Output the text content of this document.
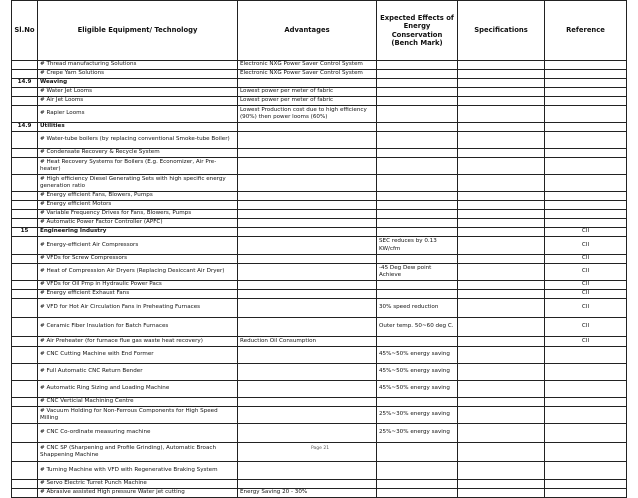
Sl.No	Eligible Equipment/ Technology	Advantages	Expected Effects of Energy Conservation (Bench Mark)	Specifications	Reference
	# Thread manufacturing Solutions	Electronic NXG Power Saver Control System			
	# Crepe Yarn Solutions	Electronic NXG Power Saver Control System			
14.9	Weaving				
	# Water Jet Looms	Lowest power per meter of fabric			
	# Air Jet Looms	Lowest power per meter of fabric			
	# Rapier Looms	Lowest Production cost due to high efficiency (90%) then power looms (60%)			
14.9	Utilities				
	# Water-tube boilers (by replacing conventional Smoke-tube Boiler)				
	# Condensate Recovery & Recycle System				
	# Heat Recovery Systems for Boilers (E.g. Economizer, Air Pre-heater)				
	# High efficiency Diesel Generating Sets with high specific energy generation ratio				
	# Energy efficient Fans, Blowers, Pumps				
	# Energy efficient Motors				
	# Variable Frequency Drives for Fans, Blowers, Pumps				
	# Automatic Power Factor Controller (APFC)				
15	Engineering Industry				CII
	# Energy-efficient Air Compressors		SEC reduces by 0.13 KW/cfm		CII
	# VFDs for Screw Compressors				CII
	# Heat of Compression Air Dryers (Replacing Desiccant Air Dryer)		-45 Deg Dew point Achieve		CII
	# VFDs for Oil Pmp in Hydraulic Power Pacs				CII
	# Energy efficient Exhaust Fans				CII
	# VFD for Hot Air Circulation Fans in Preheating Furnaces		30% speed reduction		CII
	# Ceramic Fiber Insulation for Batch Furnaces		Outer temp. 50~60 deg C.		CII
	# Air Preheater (for furnace flue gas waste heat recovery)	Reduction Oil Consumption			CII
	# CNC Cutting Machine with End Former		45%~50% energy saving		
	# Full Automatic CNC Return Bender		45%~50% energy saving		
	# Automatic Ring Sizing and Loading Machine		45%~50% energy saving		
	# CNC Verticial Machining Centre				
	# Vacuum Holding for Non-Ferrous Components for High Speed Milling		25%~30% energy saving		
	# CNC Co-ordinate measuring machine		25%~30% energy saving		
	# CNC SP (Sharpening and Profile Grinding), Automatic Broach Shappening Machine				
	# Turning Machine with VFD with Regenerative Braking System				
	# Servo Electric Turret Punch Machine				
	# Abrasive assisted High pressure Water jet cutting	Energy Saving 20 - 30%			
Page 21
